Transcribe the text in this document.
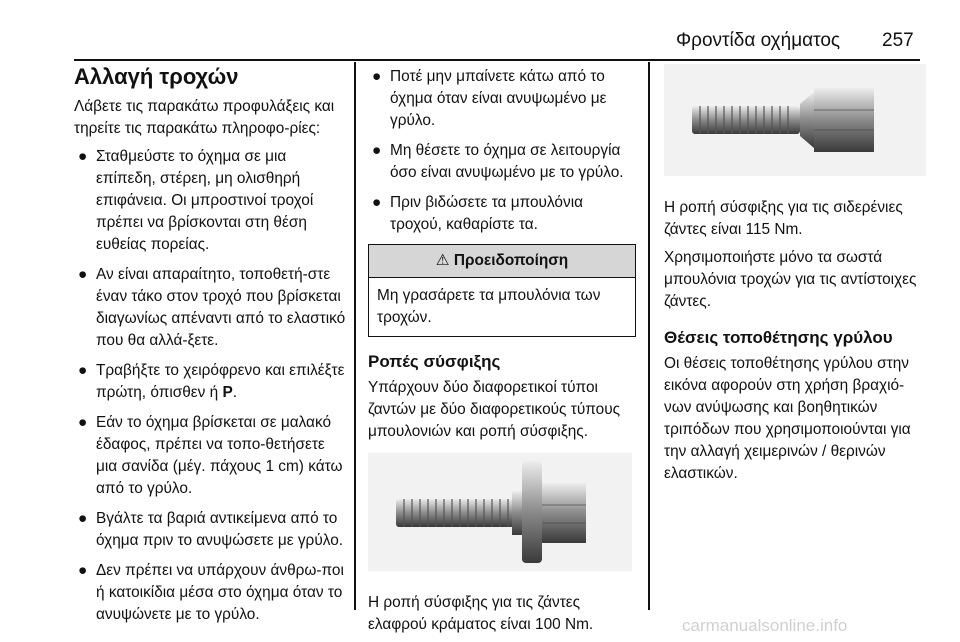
Φροντίδα οχήματος 257
Αλλαγή τροχών

Λάβετε τις παρακάτω προφυλάξεις και τηρείτε τις παρακάτω πληροφο-ρίες:

● Σταθμεύστε το όχημα σε μια επίπεδη, στέρεη, μη ολισθηρή επιφάνεια. Οι μπροστινοί τροχοί πρέπει να βρίσκονται στη θέση ευθείας πορείας.
● Αν είναι απαραίτητο, τοποθετή-στε έναν τάκο στον τροχό που βρίσκεται διαγωνίως απέναντι από το ελαστικό που θα αλλά-ξετε.
● Τραβήξτε το χειρόφρενο και επιλέξτε πρώτη, όπισθεν ή P.
● Εάν το όχημα βρίσκεται σε μαλακό έδαφος, πρέπει να τοπο-θετήσετε μια σανίδα (μέγ. πάχους 1 cm) κάτω από το γρύλο.
● Βγάλτε τα βαριά αντικείμενα από το όχημα πριν το ανυψώσετε με γρύλο.
● Δεν πρέπει να υπάρχουν άνθρω-ποι ή κατοικίδια μέσα στο όχημα όταν το ανυψώνετε με το γρύλο.
● Ποτέ μην μπαίνετε κάτω από το όχημα όταν είναι ανυψωμένο με γρύλο.
● Μη θέσετε το όχημα σε λειτουργία όσο είναι ανυψωμένο με το γρύλο.
● Πριν βιδώσετε τα μπουλόνια τροχού, καθαρίστε τα.
⚠ Προειδοποίηση
Μη γρασάρετε τα μπουλόνια των τροχών.
Ροπές σύσφιξης

Υπάρχουν δύο διαφορετικοί τύποι ζαντών με δύο διαφορετικούς τύπους μπουλονιών και ροπή σύσφιξης.

Η ροπή σύσφιξης για τις ζάντες ελαφρού κράματος είναι 100 Nm.

Η ροπή σύσφιξης για τις σιδερένιες ζάντες είναι 115 Nm.

Χρησιμοποιήστε μόνο τα σωστά μπουλόνια τροχών για τις αντίστοιχες ζάντες.

Θέσεις τοποθέτησης γρύλου

Οι θέσεις τοποθέτησης γρύλου στην εικόνα αφορούν στη χρήση βραχιό-νων ανύψωσης και βοηθητικών τριπόδων που χρησιμοποιούνται για την αλλαγή χειμερινών / θερινών ελαστικών.

carmanualsonline.info
